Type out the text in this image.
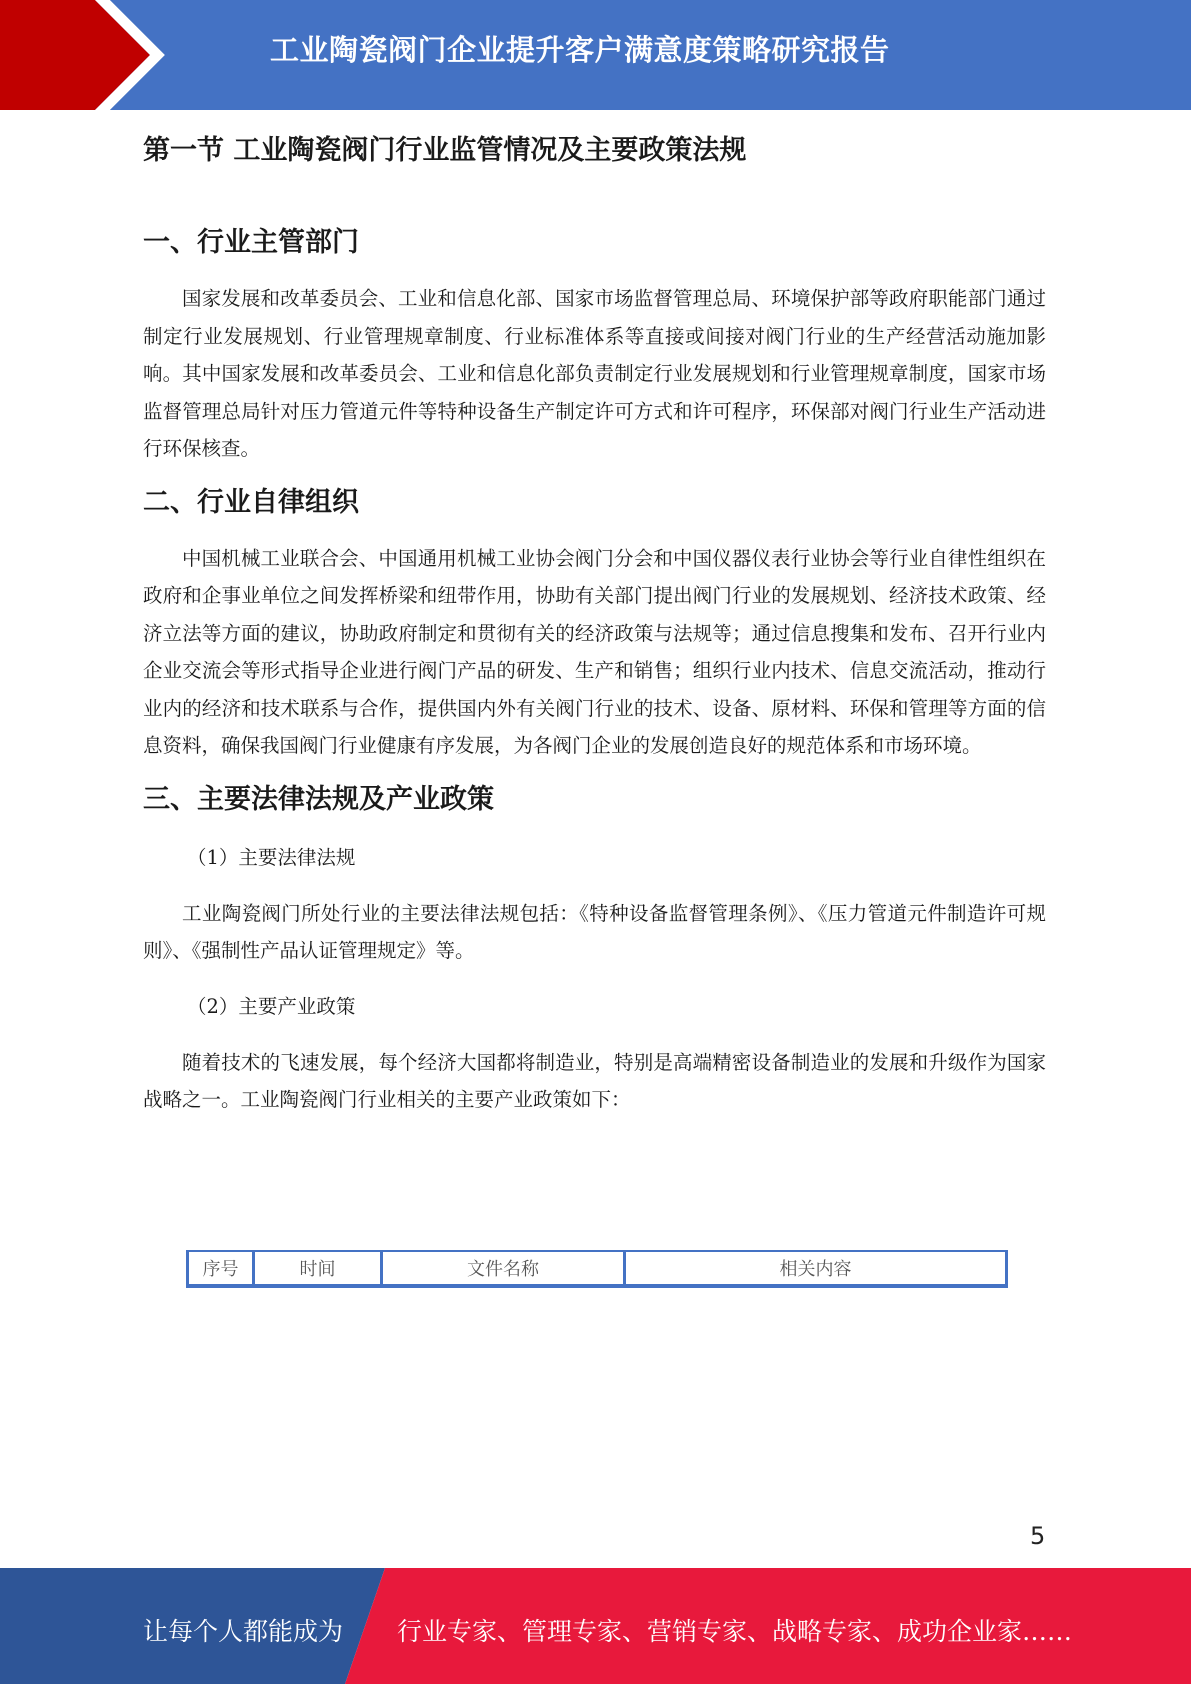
工业陶瓷阀门企业提升客户满意度策略研究报告
第一节 工业陶瓷阀门行业监管情况及主要政策法规
一、行业主管部门

国家发展和改革委员会、工业和信息化部、国家市场监督管理总局、环境保护部等政府职能部门通过制定行业发展规划、行业管理规章制度、行业标准体系等直接或间接对阀门行业的生产经营活动施加影响。其中国家发展和改革委员会、工业和信息化部负责制定行业发展规划和行业管理规章制度，国家市场监督管理总局针对压力管道元件等特种设备生产制定许可方式和许可程序，环保部对阀门行业生产活动进行环保核查。

二、行业自律组织

中国机械工业联合会、中国通用机械工业协会阀门分会和中国仪器仪表行业协会等行业自律性组织在政府和企事业单位之间发挥桥梁和纽带作用，协助有关部门提出阀门行业的发展规划、经济技术政策、经济立法等方面的建议，协助政府制定和贯彻有关的经济政策与法规等；通过信息搜集和发布、召开行业内企业交流会等形式指导企业进行阀门产品的研发、生产和销售；组织行业内技术、信息交流活动，推动行业内的经济和技术联系与合作，提供国内外有关阀门行业的技术、设备、原材料、环保和管理等方面的信息资料，确保我国阀门行业健康有序发展，为各阀门企业的发展创造良好的规范体系和市场环境。

三、主要法律法规及产业政策

（1）主要法律法规

工业陶瓷阀门所处行业的主要法律法规包括：《特种设备监督管理条例》、《压力管道元件制造许可规则》、《强制性产品认证管理规定》等。

（2）主要产业政策

随着技术的飞速发展，每个经济大国都将制造业，特别是高端精密设备制造业的发展和升级作为国家战略之一。工业陶瓷阀门行业相关的主要产业政策如下：

序号	时间	文件名称	相关内容
5
让每个人都能成为 行业专家、管理专家、营销专家、战略专家、成功企业家……
